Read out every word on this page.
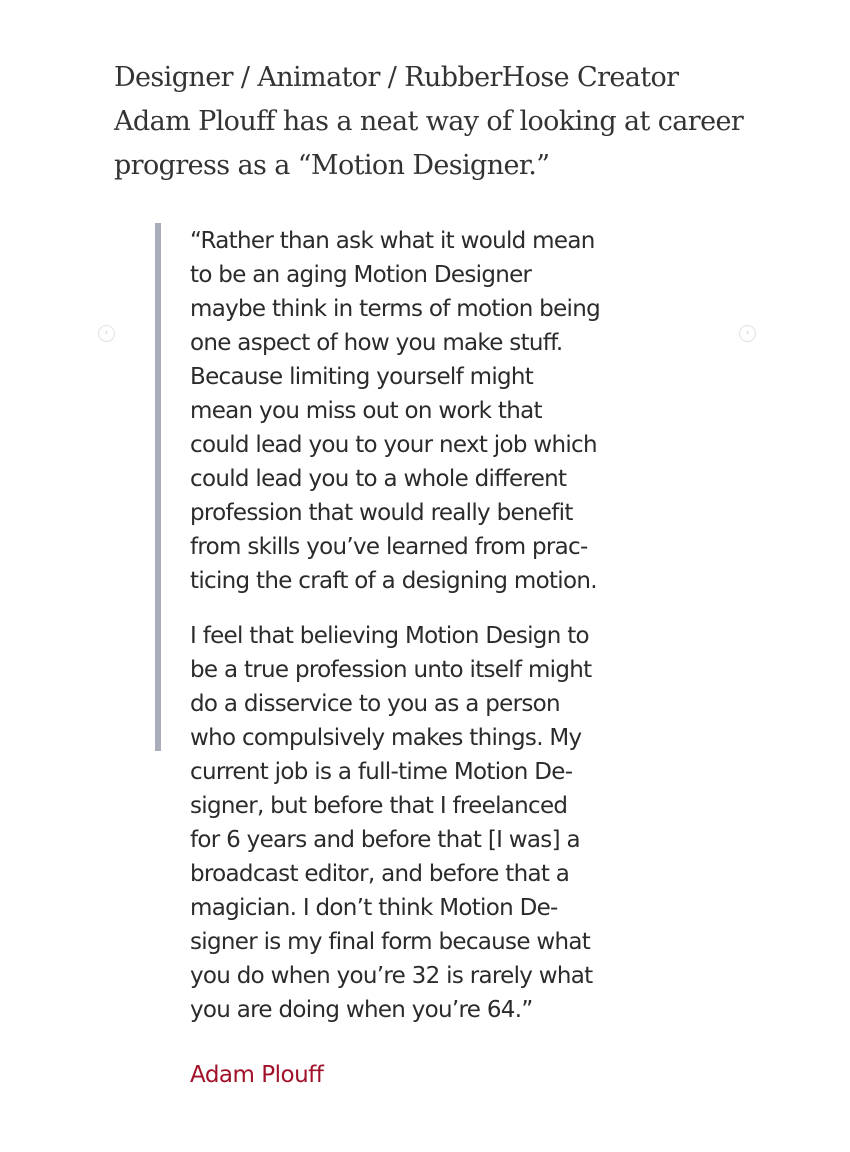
Designer / Animator / RubberHose Creator
Adam Plouff has a neat way of looking at career
progress as a “Motion Designer.”
‹	›

“Rather than ask what it would mean
to be an aging Motion Designer
maybe think in terms of motion being
one aspect of how you make stuff.
Because limiting yourself might
mean you miss out on work that
could lead you to your next job which
could lead you to a whole different
profession that would really benefit
from skills you’ve learned from prac-
ticing the craft of a designing motion.

I feel that believing Motion Design to
be a true profession unto itself might
do a disservice to you as a person
who compulsively makes things. My
current job is a full-time Motion De-
signer, but before that I freelanced
for 6 years and before that [I was] a
broadcast editor, and before that a
magician. I don’t think Motion De-
signer is my final form because what
you do when you’re 32 is rarely what
you are doing when you’re 64.”

Adam Plouff
